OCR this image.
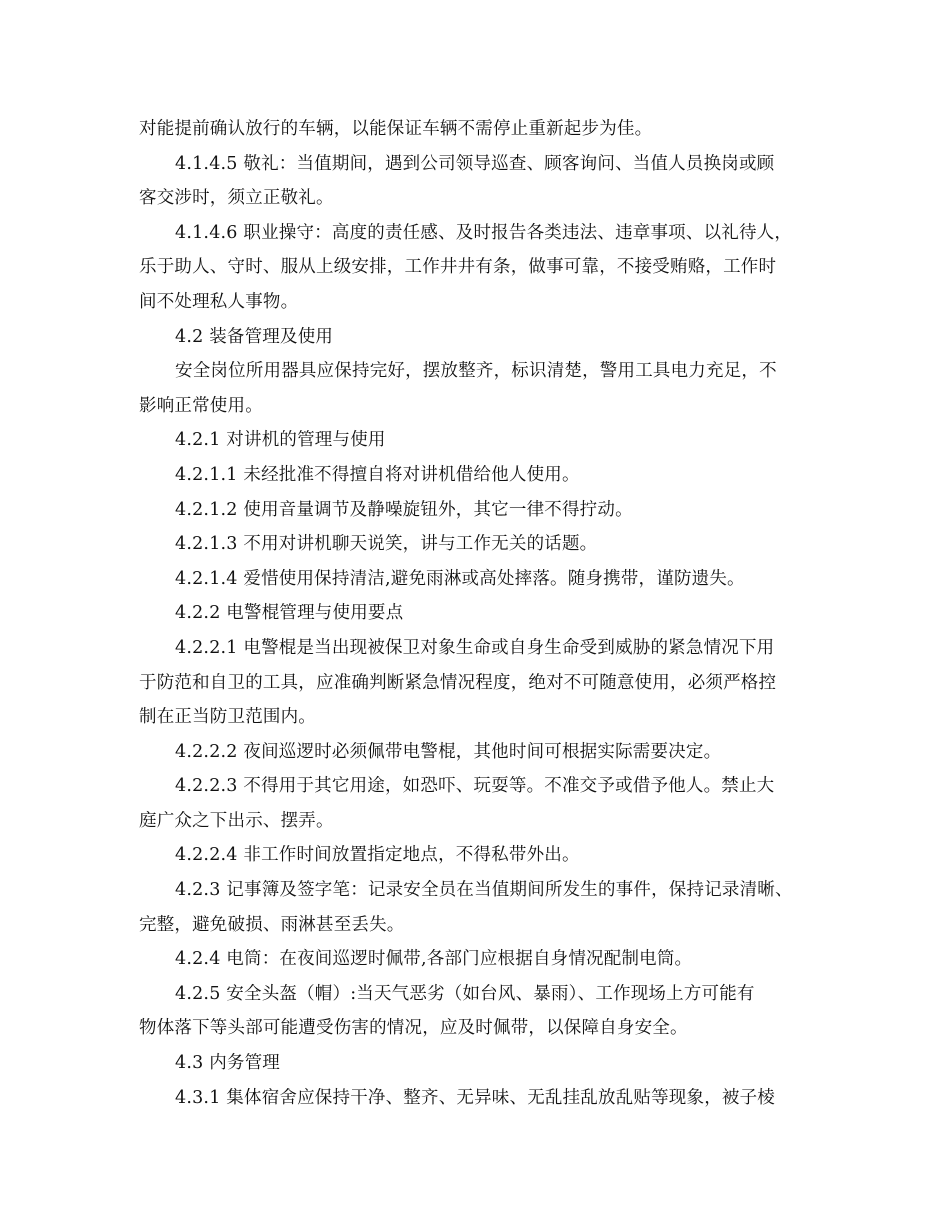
对能提前确认放行的车辆，以能保证车辆不需停止重新起步为佳。
4.1.4.5 敬礼：当值期间，遇到公司领导巡查、顾客询问、当值人员换岗或顾
客交涉时，须立正敬礼。
4.1.4.6 职业操守：高度的责任感、及时报告各类违法、违章事项、以礼待人，
乐于助人、守时、服从上级安排，工作井井有条，做事可靠，不接受贿赂，工作时
间不处理私人事物。
4.2 装备管理及使用
安全岗位所用器具应保持完好，摆放整齐，标识清楚，警用工具电力充足，不
影响正常使用。
4.2.1 对讲机的管理与使用
4.2.1.1 未经批准不得擅自将对讲机借给他人使用。
4.2.1.2 使用音量调节及静噪旋钮外，其它一律不得拧动。
4.2.1.3 不用对讲机聊天说笑，讲与工作无关的话题。
4.2.1.4 爱惜使用保持清洁,避免雨淋或高处摔落。随身携带，谨防遗失。
4.2.2 电警棍管理与使用要点
4.2.2.1 电警棍是当出现被保卫对象生命或自身生命受到威胁的紧急情况下用
于防范和自卫的工具，应准确判断紧急情况程度，绝对不可随意使用，必须严格控
制在正当防卫范围内。
4.2.2.2 夜间巡逻时必须佩带电警棍，其他时间可根据实际需要决定。
4.2.2.3 不得用于其它用途，如恐吓、玩耍等。不准交予或借予他人。禁止大
庭广众之下出示、摆弄。
4.2.2.4 非工作时间放置指定地点，不得私带外出。
4.2.3 记事簿及签字笔：记录安全员在当值期间所发生的事件，保持记录清晰、
完整，避免破损、雨淋甚至丢失。
4.2.4 电筒：在夜间巡逻时佩带,各部门应根据自身情况配制电筒。
4.2.5 安全头盔（帽）:当天气恶劣（如台风、暴雨）、工作现场上方可能有
物体落下等头部可能遭受伤害的情况，应及时佩带，以保障自身安全。
4.3 内务管理
4.3.1 集体宿舍应保持干净、整齐、无异味、无乱挂乱放乱贴等现象，被子棱
